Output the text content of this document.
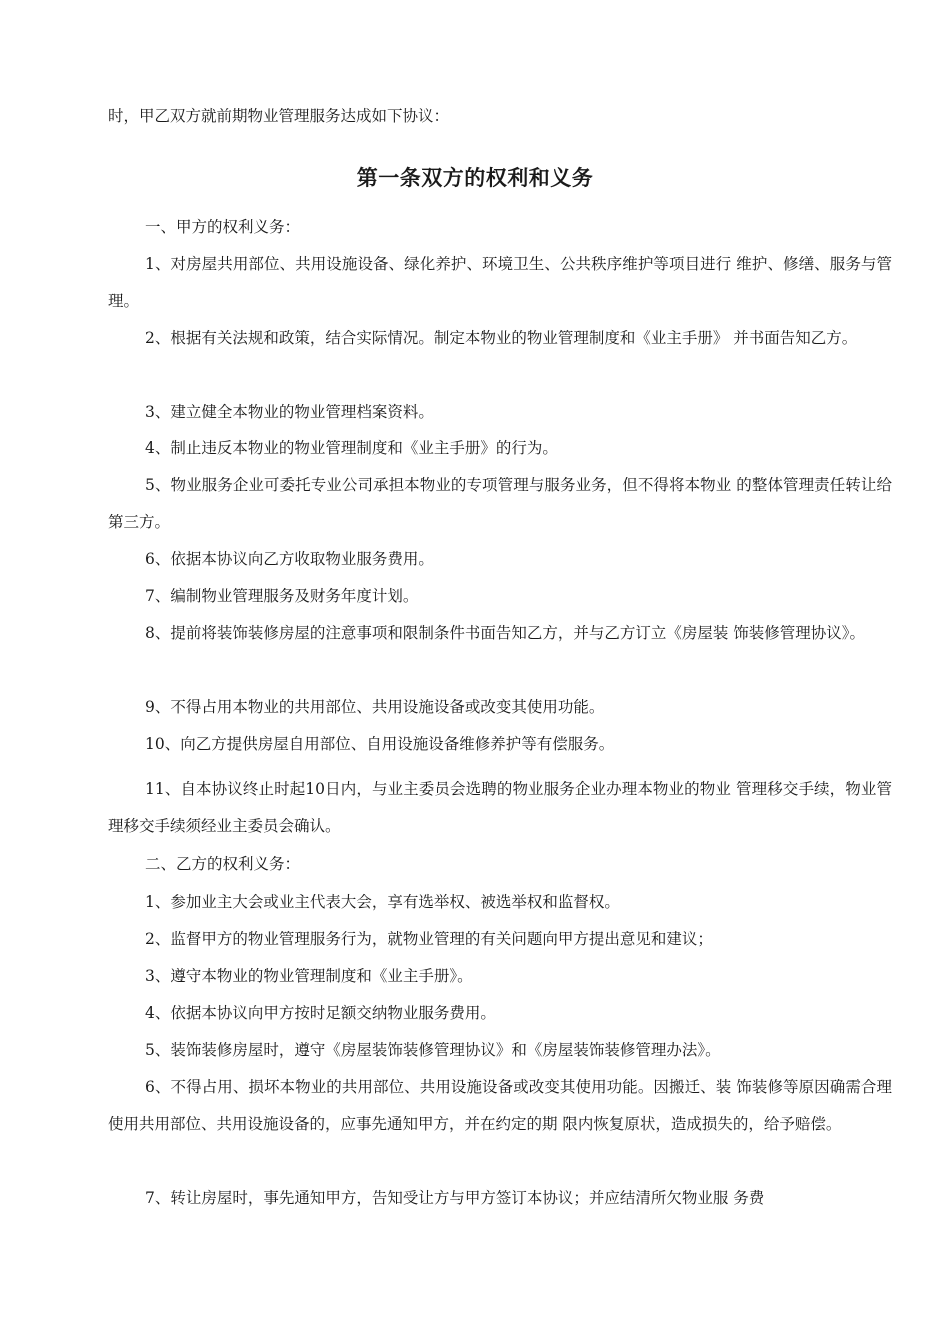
时，甲乙双方就前期物业管理服务达成如下协议：

第一条双方的权利和义务

一、甲方的权利义务：

1、对房屋共用部位、共用设施设备、绿化养护、环境卫生、公共秩序维护等项目进行 维护、修缮、服务与管理。

2、根据有关法规和政策，结合实际情况。制定本物业的物业管理制度和《业主手册》 并书面告知乙方。

3、建立健全本物业的物业管理档案资料。

4、制止违反本物业的物业管理制度和《业主手册》的行为。

5、物业服务企业可委托专业公司承担本物业的专项管理与服务业务，但不得将本物业 的整体管理责任转让给第三方。

6、依据本协议向乙方收取物业服务费用。

7、编制物业管理服务及财务年度计划。

8、提前将装饰装修房屋的注意事项和限制条件书面告知乙方，并与乙方订立《房屋装 饰装修管理协议》。

9、不得占用本物业的共用部位、共用设施设备或改变其使用功能。

10、向乙方提供房屋自用部位、自用设施设备维修养护等有偿服务。

11、自本协议终止时起10日内，与业主委员会选聘的物业服务企业办理本物业的物业 管理移交手续，物业管理移交手续须经业主委员会确认。

二、乙方的权利义务：

1、参加业主大会或业主代表大会，享有选举权、被选举权和监督权。

2、监督甲方的物业管理服务行为，就物业管理的有关问题向甲方提出意见和建议；

3、遵守本物业的物业管理制度和《业主手册》。

4、依据本协议向甲方按时足额交纳物业服务费用。

5、装饰装修房屋时，遵守《房屋装饰装修管理协议》和《房屋装饰装修管理办法》。

6、不得占用、损坏本物业的共用部位、共用设施设备或改变其使用功能。因搬迁、装 饰装修等原因确需合理使用共用部位、共用设施设备的，应事先通知甲方，并在约定的期 限内恢复原状，造成损失的，给予赔偿。

7、转让房屋时，事先通知甲方，告知受让方与甲方签订本协议；并应结清所欠物业服 务费
